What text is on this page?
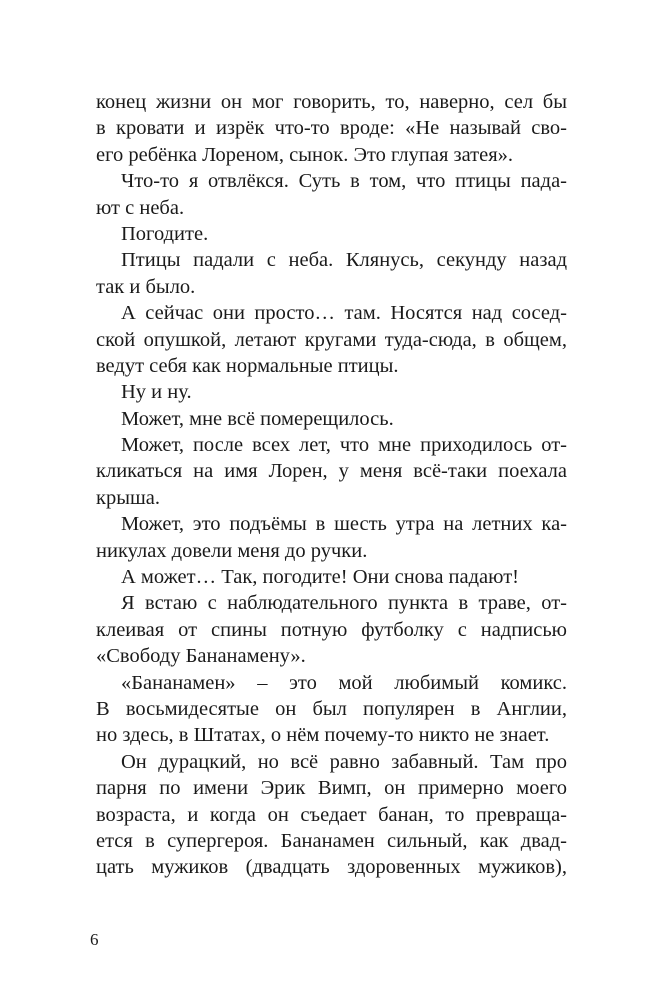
конец жизни он мог говорить, то, наверно, сел бы
в кровати и изрёк что-то вроде: «Не называй сво-
его ребёнка Лореном, сынок. Это глупая затея».
Что-то я отвлёкся. Суть в том, что птицы пада-
ют с неба.
Погодите.
Птицы падали с неба. Клянусь, секунду назад
так и было.
А сейчас они просто… там. Носятся над сосед-
ской опушкой, летают кругами туда-сюда, в общем,
ведут себя как нормальные птицы.
Ну и ну.
Может, мне всё померещилось.
Может, после всех лет, что мне приходилось от-
кликаться на имя Лорен, у меня всё-таки поехала
крыша.
Может, это подъёмы в шесть утра на летних ка-
никулах довели меня до ручки.
А может… Так, погодите! Они снова падают!
Я встаю с наблюдательного пункта в траве, от-
клеивая от спины потную футболку с надписью
«Свободу Бананамену».
«Бананамен» – это мой любимый комикс.
В восьмидесятые он был популярен в Англии,
но здесь, в Штатах, о нём почему-то никто не знает.
Он дурацкий, но всё равно забавный. Там про
парня по имени Эрик Вимп, он примерно моего
возраста, и когда он съедает банан, то превраща-
ется в супергероя. Бананамен сильный, как двад-
цать мужиков (двадцать здоровенных мужиков),
6
